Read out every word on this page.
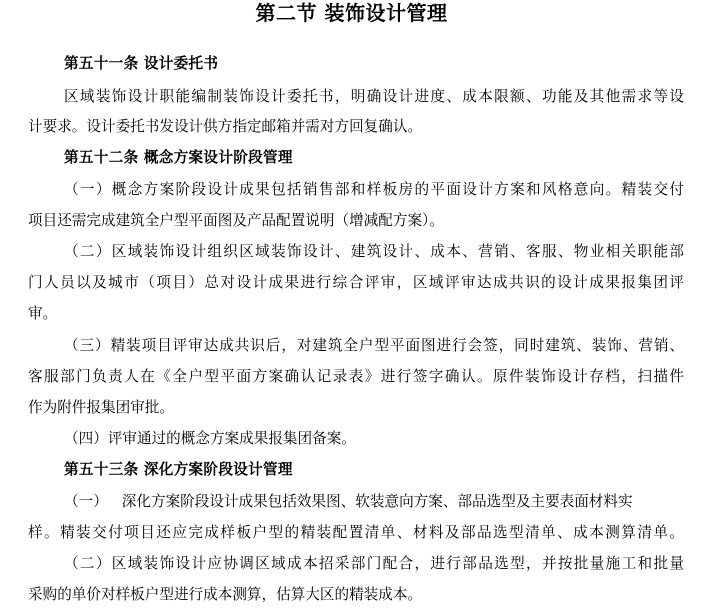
第二节 装饰设计管理
第五十一条 设计委托书
区域装饰设计职能编制装饰设计委托书，明确设计进度、成本限额、功能及其他需求等设
计要求。设计委托书发设计供方指定邮箱并需对方回复确认。
第五十二条 概念方案设计阶段管理
（一）概念方案阶段设计成果包括销售部和样板房的平面设计方案和风格意向。精装交付
项目还需完成建筑全户型平面图及产品配置说明（增减配方案）。
（二）区域装饰设计组织区域装饰设计、建筑设计、成本、营销、客服、物业相关职能部
门人员以及城市（项目）总对设计成果进行综合评审，区域评审达成共识的设计成果报集团评
审。
（三）精装项目评审达成共识后，对建筑全户型平面图进行会签，同时建筑、装饰、营销、
客服部门负责人在《全户型平面方案确认记录表》进行签字确认。原件装饰设计存档，扫描件
作为附件报集团审批。
（四）评审通过的概念方案成果报集团备案。
第五十三条 深化方案阶段设计管理
（一） 深化方案阶段设计成果包括效果图、软装意向方案、部品选型及主要表面材料实
样。精装交付项目还应完成样板户型的精装配置清单、材料及部品选型清单、成本测算清单。
（二）区域装饰设计应协调区域成本招采部门配合，进行部品选型，并按批量施工和批量
采购的单价对样板户型进行成本测算，估算大区的精装成本。
